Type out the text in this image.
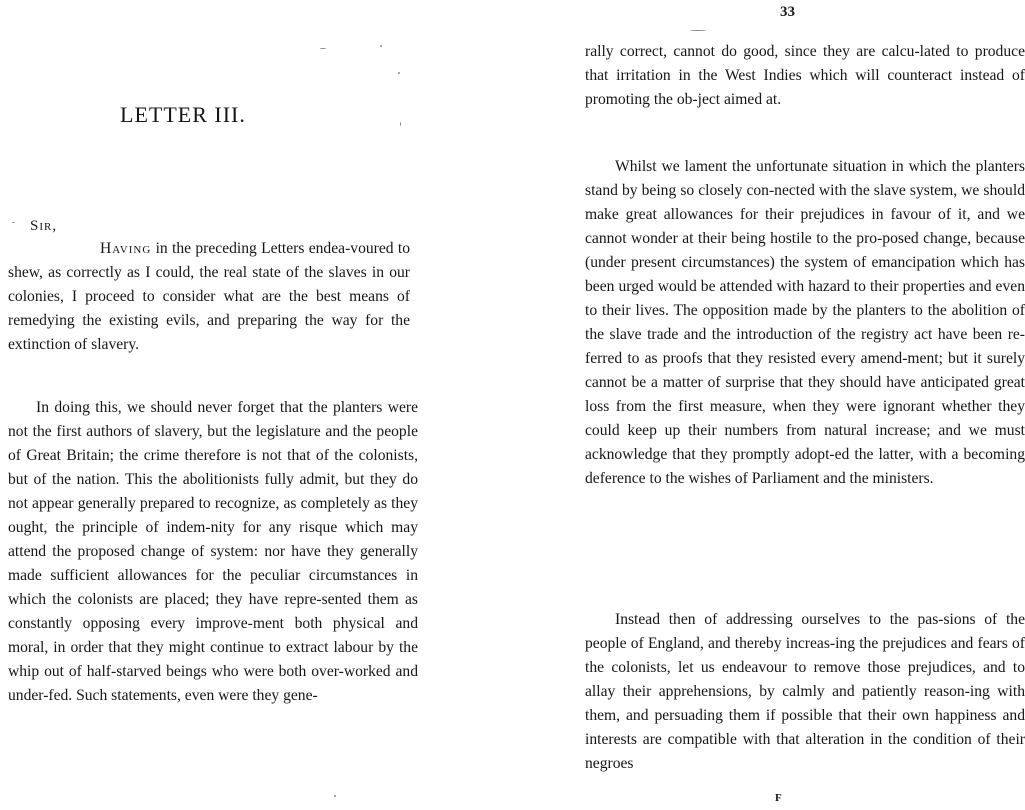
LETTER III.

Sir,

Having in the preceding Letters endea-voured to shew, as correctly as I could, the real state of the slaves in our colonies, I proceed to consider what are the best means of remedying the existing evils, and preparing the way for the extinction of slavery.

In doing this, we should never forget that the planters were not the first authors of slavery, but the legislature and the people of Great Britain; the crime therefore is not that of the colonists, but of the nation. This the abolitionists fully admit, but they do not appear generally prepared to recognize, as completely as they ought, the principle of indem-nity for any risque which may attend the proposed change of system: nor have they generally made sufficient allowances for the peculiar circumstances in which the colonists are placed; they have repre-sented them as constantly opposing every improve-ment both physical and moral, in order that they might continue to extract labour by the whip out of half-starved beings who were both over-worked and under-fed. Such statements, even were they gene-

33

rally correct, cannot do good, since they are calcu-lated to produce that irritation in the West Indies which will counteract instead of promoting the ob-ject aimed at.

Whilst we lament the unfortunate situation in which the planters stand by being so closely con-nected with the slave system, we should make great allowances for their prejudices in favour of it, and we cannot wonder at their being hostile to the pro-posed change, because (under present circumstances) the system of emancipation which has been urged would be attended with hazard to their properties and even to their lives. The opposition made by the planters to the abolition of the slave trade and the introduction of the registry act have been re-ferred to as proofs that they resisted every amend-ment; but it surely cannot be a matter of surprise that they should have anticipated great loss from the first measure, when they were ignorant whether they could keep up their numbers from natural increase; and we must acknowledge that they promptly adopt-ed the latter, with a becoming deference to the wishes of Parliament and the ministers.

Instead then of addressing ourselves to the pas-sions of the people of England, and thereby increas-ing the prejudices and fears of the colonists, let us endeavour to remove those prejudices, and to allay their apprehensions, by calmly and patiently reason-ing with them, and persuading them if possible that their own happiness and interests are compatible with that alteration in the condition of their negroes

F
